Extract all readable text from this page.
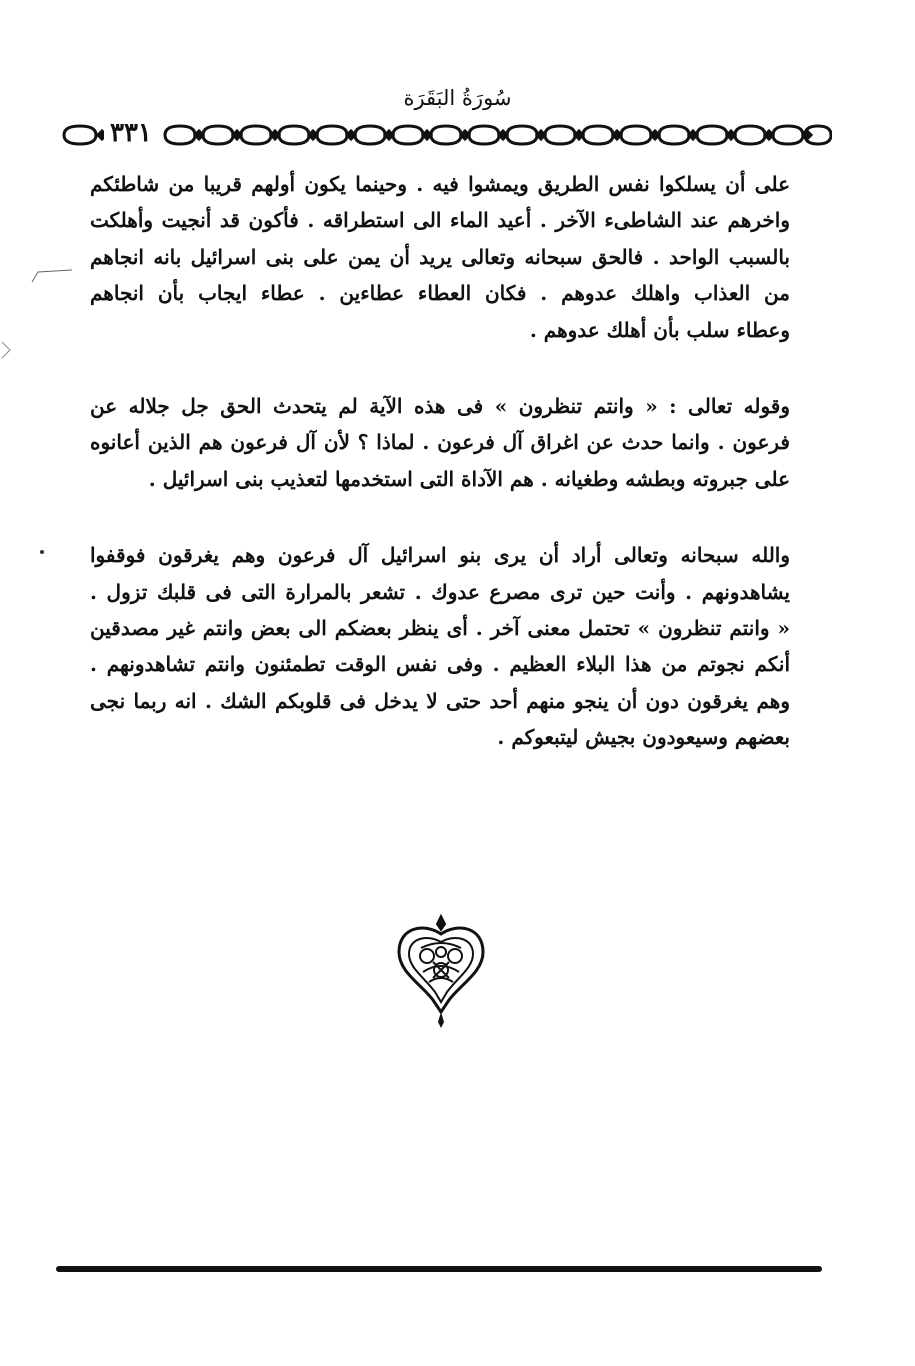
سُورَةُ البَقَرَة
٣٣١

على أن يسلكوا نفس الطريق ويمشوا فيه . وحينما يكون أولهم قريبا من شاطئكم
واخرهم عند الشاطىء الآخر . أعيد الماء الى استطراقه . فأكون قد أنجيت وأهلكت
بالسبب الواحد . فالحق سبحانه وتعالى يريد أن يمن على بنى اسرائيل بانه انجاهم
من العذاب واهلك عدوهم . فكان العطاء عطاءين . عطاء ايجاب بأن انجاهم
وعطاء سلب بأن أهلك عدوهم .

وقوله تعالى : « وانتم تنظرون » فى هذه الآية لم يتحدث الحق جل جلاله عن
فرعون . وانما حدث عن اغراق آل فرعون . لماذا ؟ لأن آل فرعون هم الذين أعانوه
على جبروته وبطشه وطغيانه . هم الآداة التى استخدمها لتعذيب بنى اسرائيل .

والله سبحانه وتعالى أراد أن يرى بنو اسرائيل آل فرعون وهم يغرقون فوقفوا
يشاهدونهم . وأنت حين ترى مصرع عدوك . تشعر بالمرارة التى فى قلبك تزول .
« وانتم تنظرون » تحتمل معنى آخر . أى ينظر بعضكم الى بعض وانتم غير مصدقين
أنكم نجوتم من هذا البلاء العظيم . وفى نفس الوقت تطمئنون وانتم تشاهدونهم .
وهم يغرقون دون أن ينجو منهم أحد حتى لا يدخل فى قلوبكم الشك . انه ربما نجى
بعضهم وسيعودون بجيش ليتبعوكم .
